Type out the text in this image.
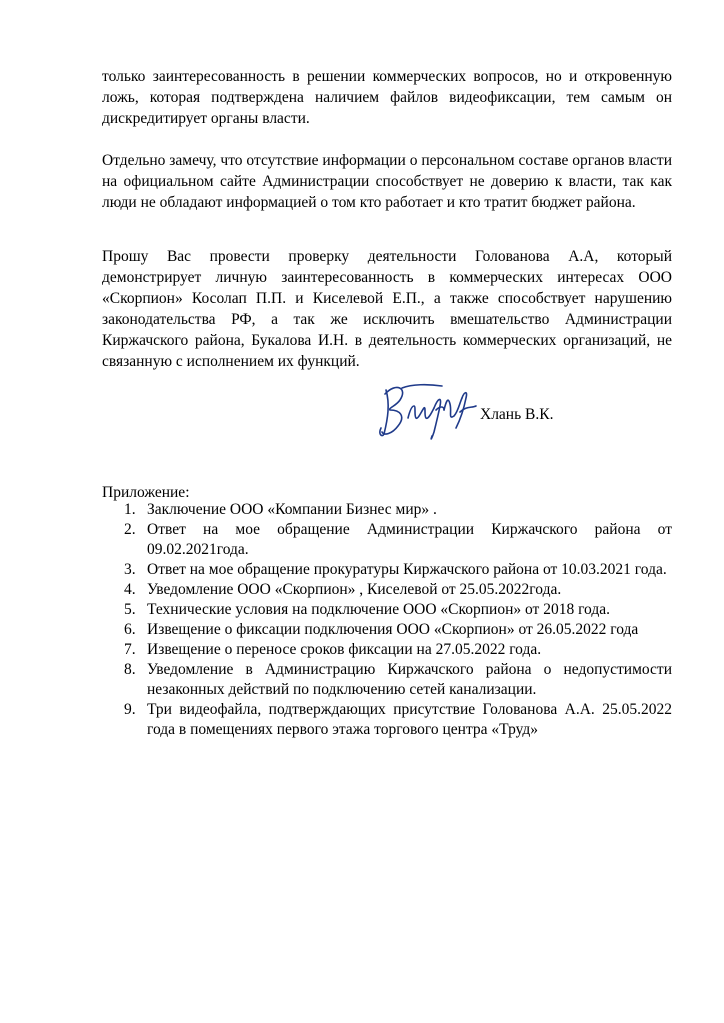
только заинтересованность в решении коммерческих вопросов, но и откровенную ложь, которая подтверждена наличием файлов видеофиксации, тем самым он дискредитирует органы власти.

Отдельно замечу, что отсутствие информации о персональном составе органов власти на официальном сайте Администрации способствует не доверию к власти, так как люди не обладают информацией о том кто работает и кто тратит бюджет района.

Прошу Вас провести проверку деятельности Голованова А.А, который демонстрирует личную заинтересованность в коммерческих интересах ООО «Скорпион» Косолап П.П. и Киселевой Е.П., а также способствует нарушению законодательства РФ, а так же исключить вмешательство Администрации Киржачского района, Букалова И.Н. в деятельность коммерческих организаций, не связанную с исполнением их функций.

Хлань В.К.

Приложение:

1. Заключение ООО «Компании Бизнес мир» .
2. Ответ на мое обращение Администрации Киржачского района от 09.02.2021года.
3. Ответ на мое обращение прокуратуры Киржачского района от 10.03.2021 года.
4. Уведомление ООО «Скорпион» , Киселевой от 25.05.2022года.
5. Технические условия на подключение ООО «Скорпион» от 2018 года.
6. Извещение о фиксации подключения ООО «Скорпион» от 26.05.2022 года
7. Извещение о переносе сроков фиксации на 27.05.2022 года.
8. Уведомление в Администрацию Киржачского района о недопустимости незаконных действий по подключению сетей канализации.
9. Три видеофайла, подтверждающих присутствие Голованова А.А. 25.05.2022 года в помещениях первого этажа торгового центра «Труд»
